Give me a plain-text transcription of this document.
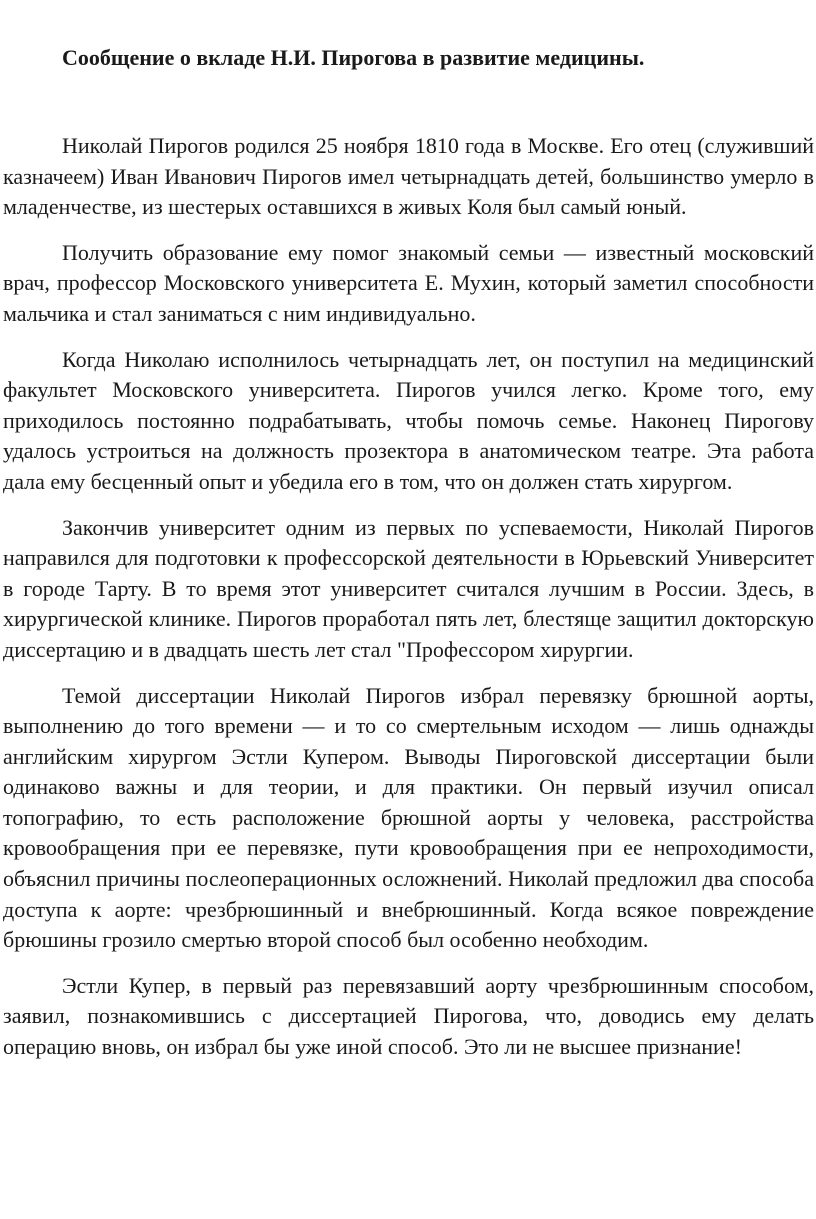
Сообщение о вкладе Н.И. Пирогова в развитие медицины.

Николай Пирогов родился 25 ноября 1810 года в Москве. Его отец (служивший казначеем) Иван Иванович Пирогов имел четырнадцать детей, большинство умерло в младенчестве, из шестерых оставшихся в живых Коля был самый юный.

Получить образование ему помог знакомый семьи — известный московский врач, профессор Московского университета Е. Мухин, который заметил способности мальчика и стал заниматься с ним индивидуально.

Когда Николаю исполнилось четырнадцать лет, он поступил на медицинский факультет Московского университета. Пирогов учился легко. Кроме того, ему приходилось постоянно подрабатывать, чтобы помочь семье. Наконец Пирогову удалось устроиться на должность прозектора в анатомическом театре. Эта работа дала ему бесценный опыт и убедила его в том, что он должен стать хирургом.

Закончив университет одним из первых по успеваемости, Николай Пирогов направился для подготовки к профессорской деятельности в Юрьевский Университет в городе Тарту. В то время этот университет считался лучшим в России. Здесь, в хирургической клинике. Пирогов проработал пять лет, блестяще защитил докторскую диссертацию и в двадцать шесть лет стал "Профессором хирургии.

Темой диссертации Николай Пирогов избрал перевязку брюшной аорты, выполнению до того времени — и то со смертельным исходом — лишь однажды английским хирургом Эстли Купером. Выводы Пироговской диссертации были одинаково важны и для теории, и для практики. Он первый изучил описал топографию, то есть расположение брюшной аорты у человека, расстройства кровообращения при ее перевязке, пути кровообращения при ее непроходимости, объяснил причины послеоперационных осложнений. Николай предложил два способа доступа к аорте: чрезбрюшинный и внебрюшинный. Когда всякое повреждение брюшины грозило смертью второй способ был особенно необходим.

Эстли Купер, в первый раз перевязавший аорту чрезбрюшинным способом, заявил, познакомившись с диссертацией Пирогова, что, доводись ему делать операцию вновь, он избрал бы уже иной способ. Это ли не высшее признание!
